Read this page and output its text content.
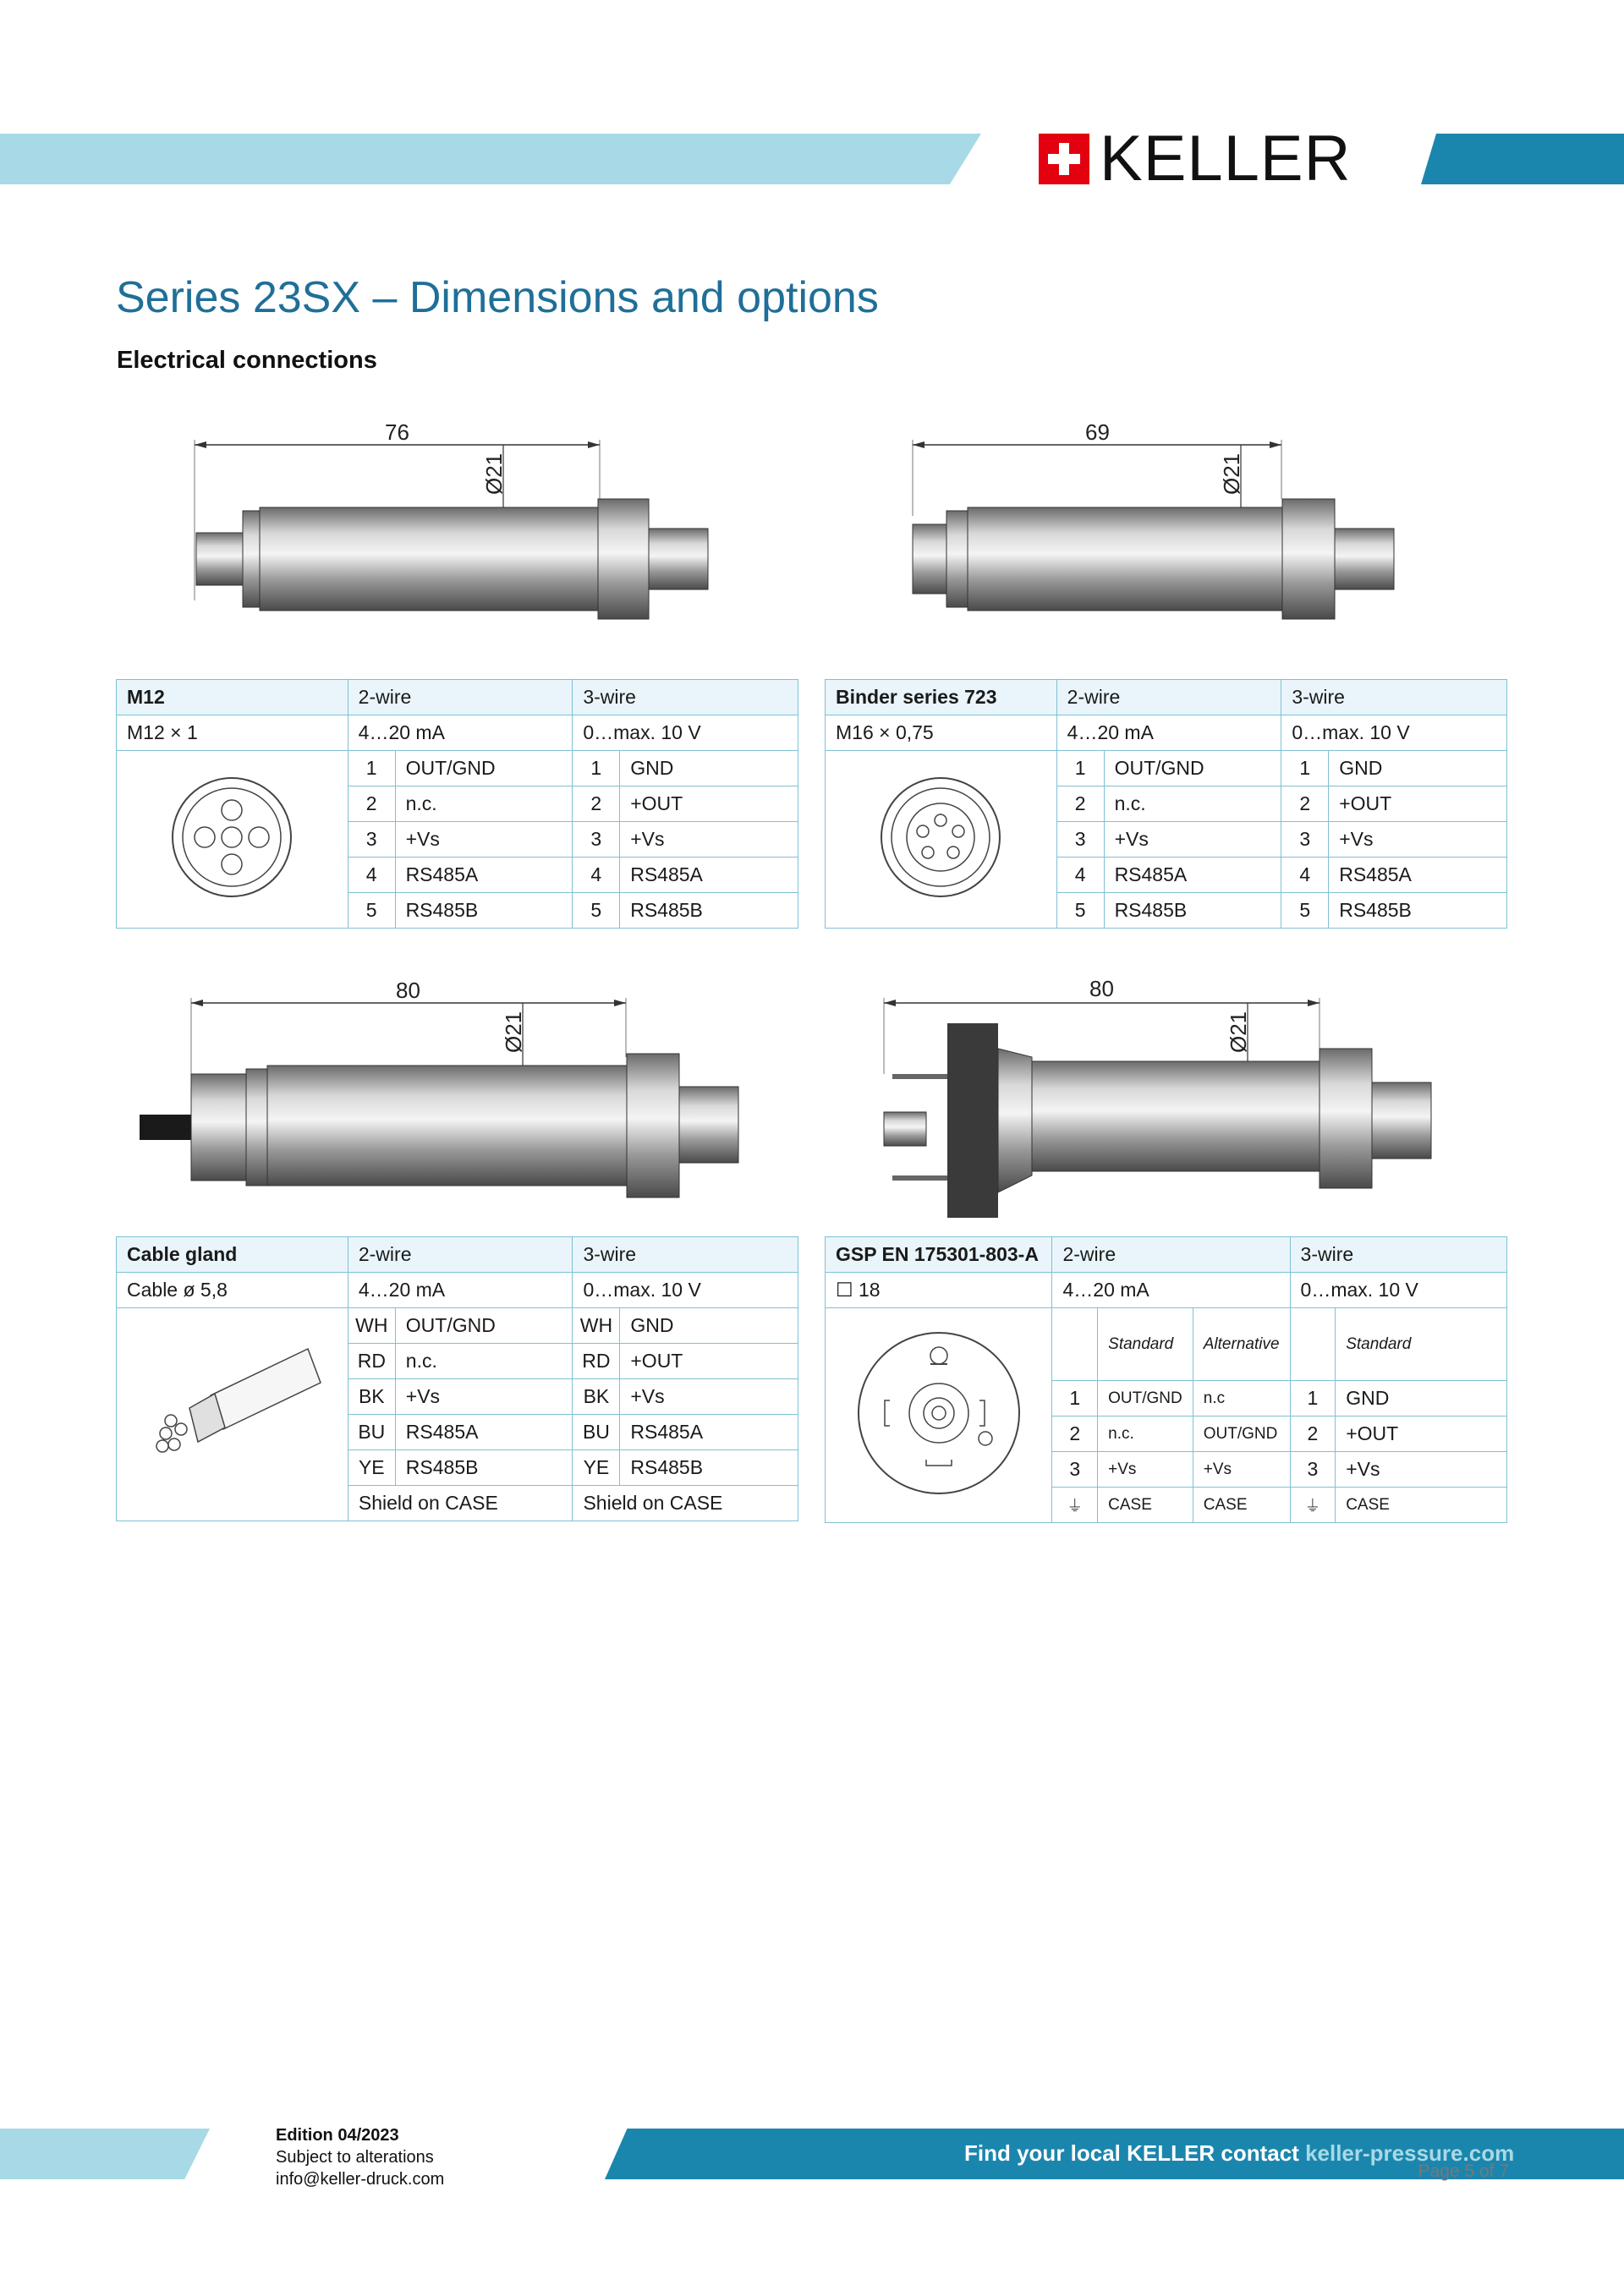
KELLER
Series 23SX – Dimensions and options
Electrical connections
76
Ø21
69
Ø21
M12	2-wire		3-wire	
M12 × 1	4…20 mA		0…max. 10 V	
	1	OUT/GND	1	GND
	2	n.c.	2	+OUT
	3	+Vs	3	+Vs
	4	RS485A	4	RS485A
	5	RS485B	5	RS485B
Binder series 723	2-wire		3-wire	
M16 × 0,75	4…20 mA		0…max. 10 V	
	1	OUT/GND	1	GND
	2	n.c.	2	+OUT
	3	+Vs	3	+Vs
	4	RS485A	4	RS485A
	5	RS485B	5	RS485B
80
Ø21
80
Ø21
Cable gland	2-wire		3-wire	
Cable ø 5,8	4…20 mA		0…max. 10 V	
	WH	OUT/GND	WH	GND
	RD	n.c.	RD	+OUT
	BK	+Vs	BK	+Vs
	BU	RS485A	BU	RS485A
	YE	RS485B	YE	RS485B
	Shield on CASE		Shield on CASE	
GSP EN 175301-803-A	2-wire			3-wire	
☐ 18	4…20 mA			0…max. 10 V	
		Standard	Alternative		Standard
	1	OUT/GND	n.c	1	GND
	2	n.c.	OUT/GND	2	+OUT
	3	+Vs	+Vs	3	+Vs
	⏚	CASE	CASE	⏚	CASE
Edition 04/2023
Subject to alterations
info@keller-druck.com
Find your local KELLER contact keller-pressure.com
Page 5 of 7
